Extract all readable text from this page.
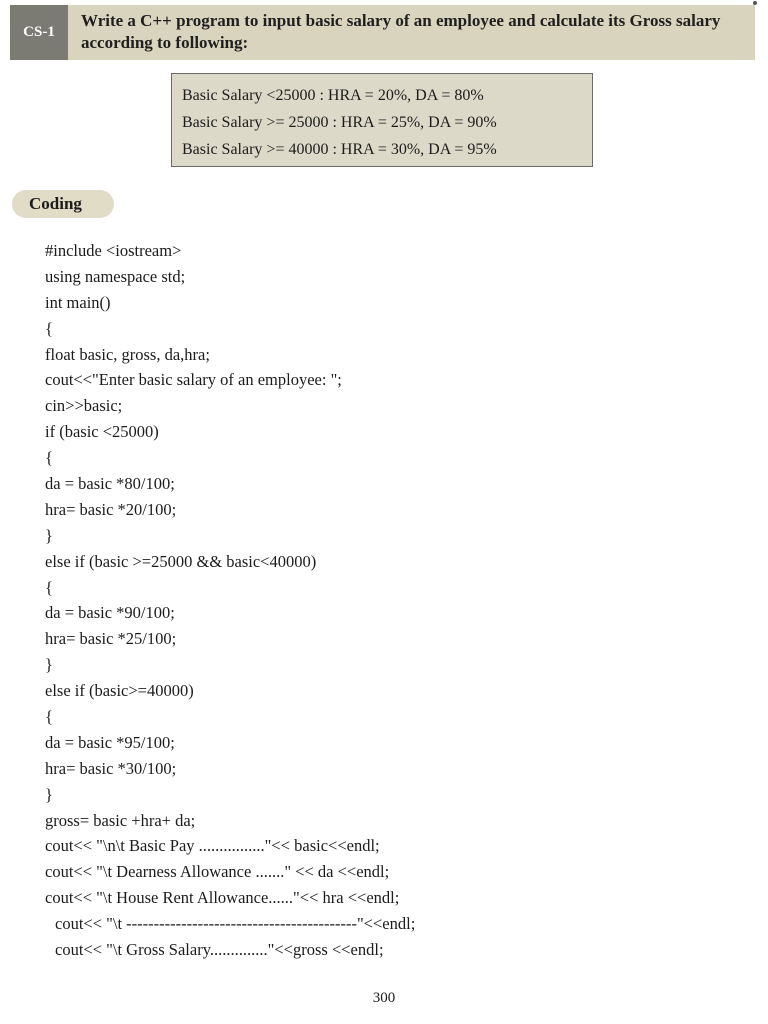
CS-1
Write a C++ program to input basic salary of an employee and calculate its Gross salary according to following:
Basic Salary <25000 : HRA = 20%, DA = 80%
Basic Salary >= 25000 : HRA = 25%, DA = 90%
Basic Salary >= 40000 : HRA = 30%, DA = 95%
Coding
#include <iostream>
using namespace std;
int main()
{
float basic, gross, da,hra;
cout<<"Enter basic salary of an employee: ";
cin>>basic;
if (basic <25000)
{
da = basic *80/100;
hra= basic *20/100;
}
else if (basic >=25000 && basic<40000)
{
da = basic *90/100;
hra= basic *25/100;
}
else if (basic>=40000)
{
da = basic *95/100;
hra= basic *30/100;
}
gross= basic +hra+ da;
cout<< "\n\t Basic Pay ................"<< basic<<endl;
cout<< "\t Dearness Allowance ......." << da <<endl;
cout<< "\t House Rent Allowance......"<< hra <<endl;
cout<< "\t ------------------------------------------"<<endl;
cout<< "\t Gross Salary.............."<<gross <<endl;
300
